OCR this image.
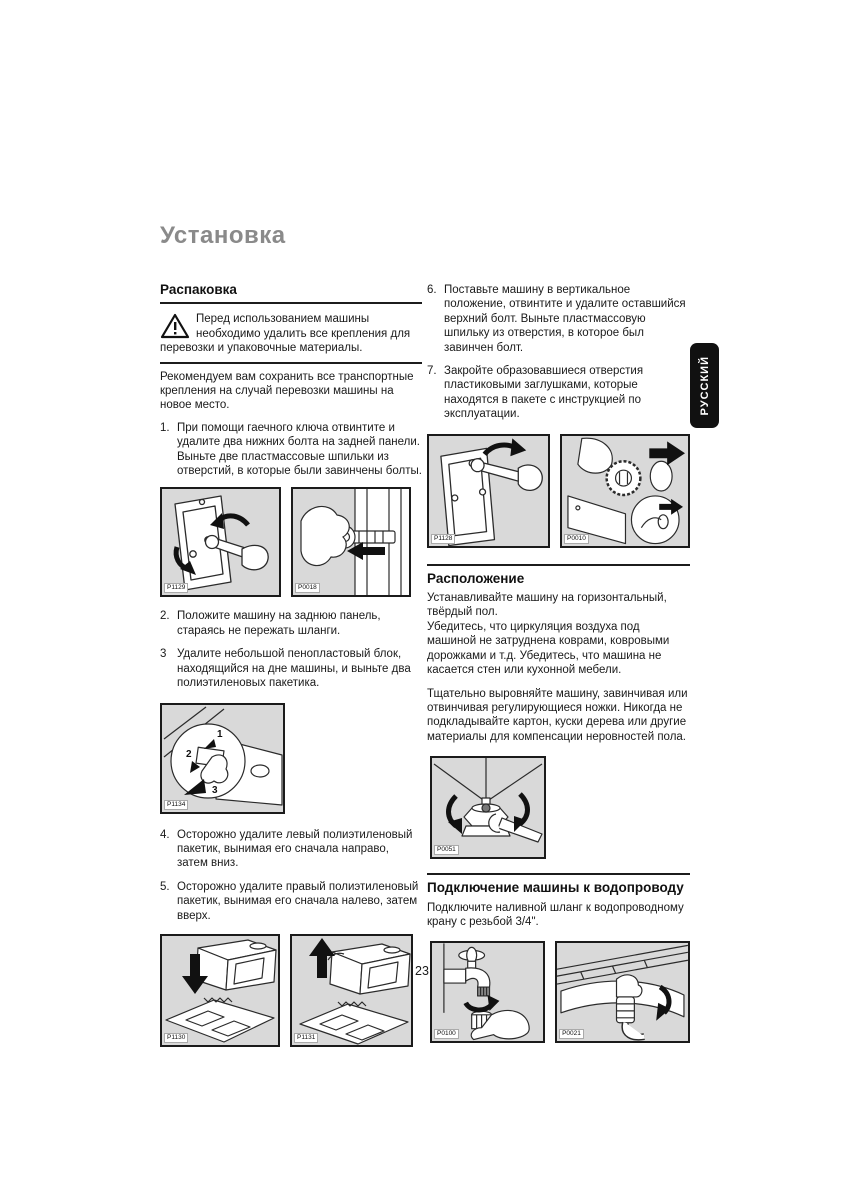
Установка
Распаковка
Перед использованием машины необходимо удалить все крепления для перевозки и упаковочные материалы.

Рекомендуем вам сохранить все транспортные крепления на случай перевозки машины на новое место.

1. При помощи гаечного ключа отвинтите и удалите два нижних болта на задней панели. Выньте две пластмассовые шпильки из отверстий, в которые были завинчены болты.
P1129	P0018
2. Положите машину на заднюю панель, стараясь не пережать шланги.
3 Удалите небольшой пенопластовый блок, находящийся на дне машины, и выньте два полиэтиленовых пакетика.
1
2
3
P1134
4. Осторожно удалите левый полиэтиленовый пакетик, вынимая его сначала направо, затем вниз.
5. Осторожно удалите правый полиэтиленовый пакетик, вынимая его сначала налево, затем вверх.
P1130	P1131
6. Поставьте машину в вертикальное положение, отвинтите и удалите оставшийся верхний болт. Выньте пластмассовую шпильку из отверстия, в которое был завинчен болт.
7. Закройте образовавшиеся отверстия пластиковыми заглушками, которые находятся в пакете с инструкцией по эксплуатации.
P1128	P0010
Расположение

Устанавливайте машину на горизонтальный, твёрдый пол.

Убедитесь, что циркуляция воздуха под машиной не затруднена коврами, ковровыми дорожками и т.д. Убедитесь, что машина не касается стен или кухонной мебели.

Тщательно выровняйте машину, завинчивая или отвинчивая регулирующиеся ножки. Никогда не подкладывайте картон, куски дерева или другие материалы для компенсации неровностей пола.

P0051
Подключение машины к водопроводу

Подключите наливной шланг к водопроводному крану с резьбой 3/4".

P0100	P0021
РУССКИЙ
23
